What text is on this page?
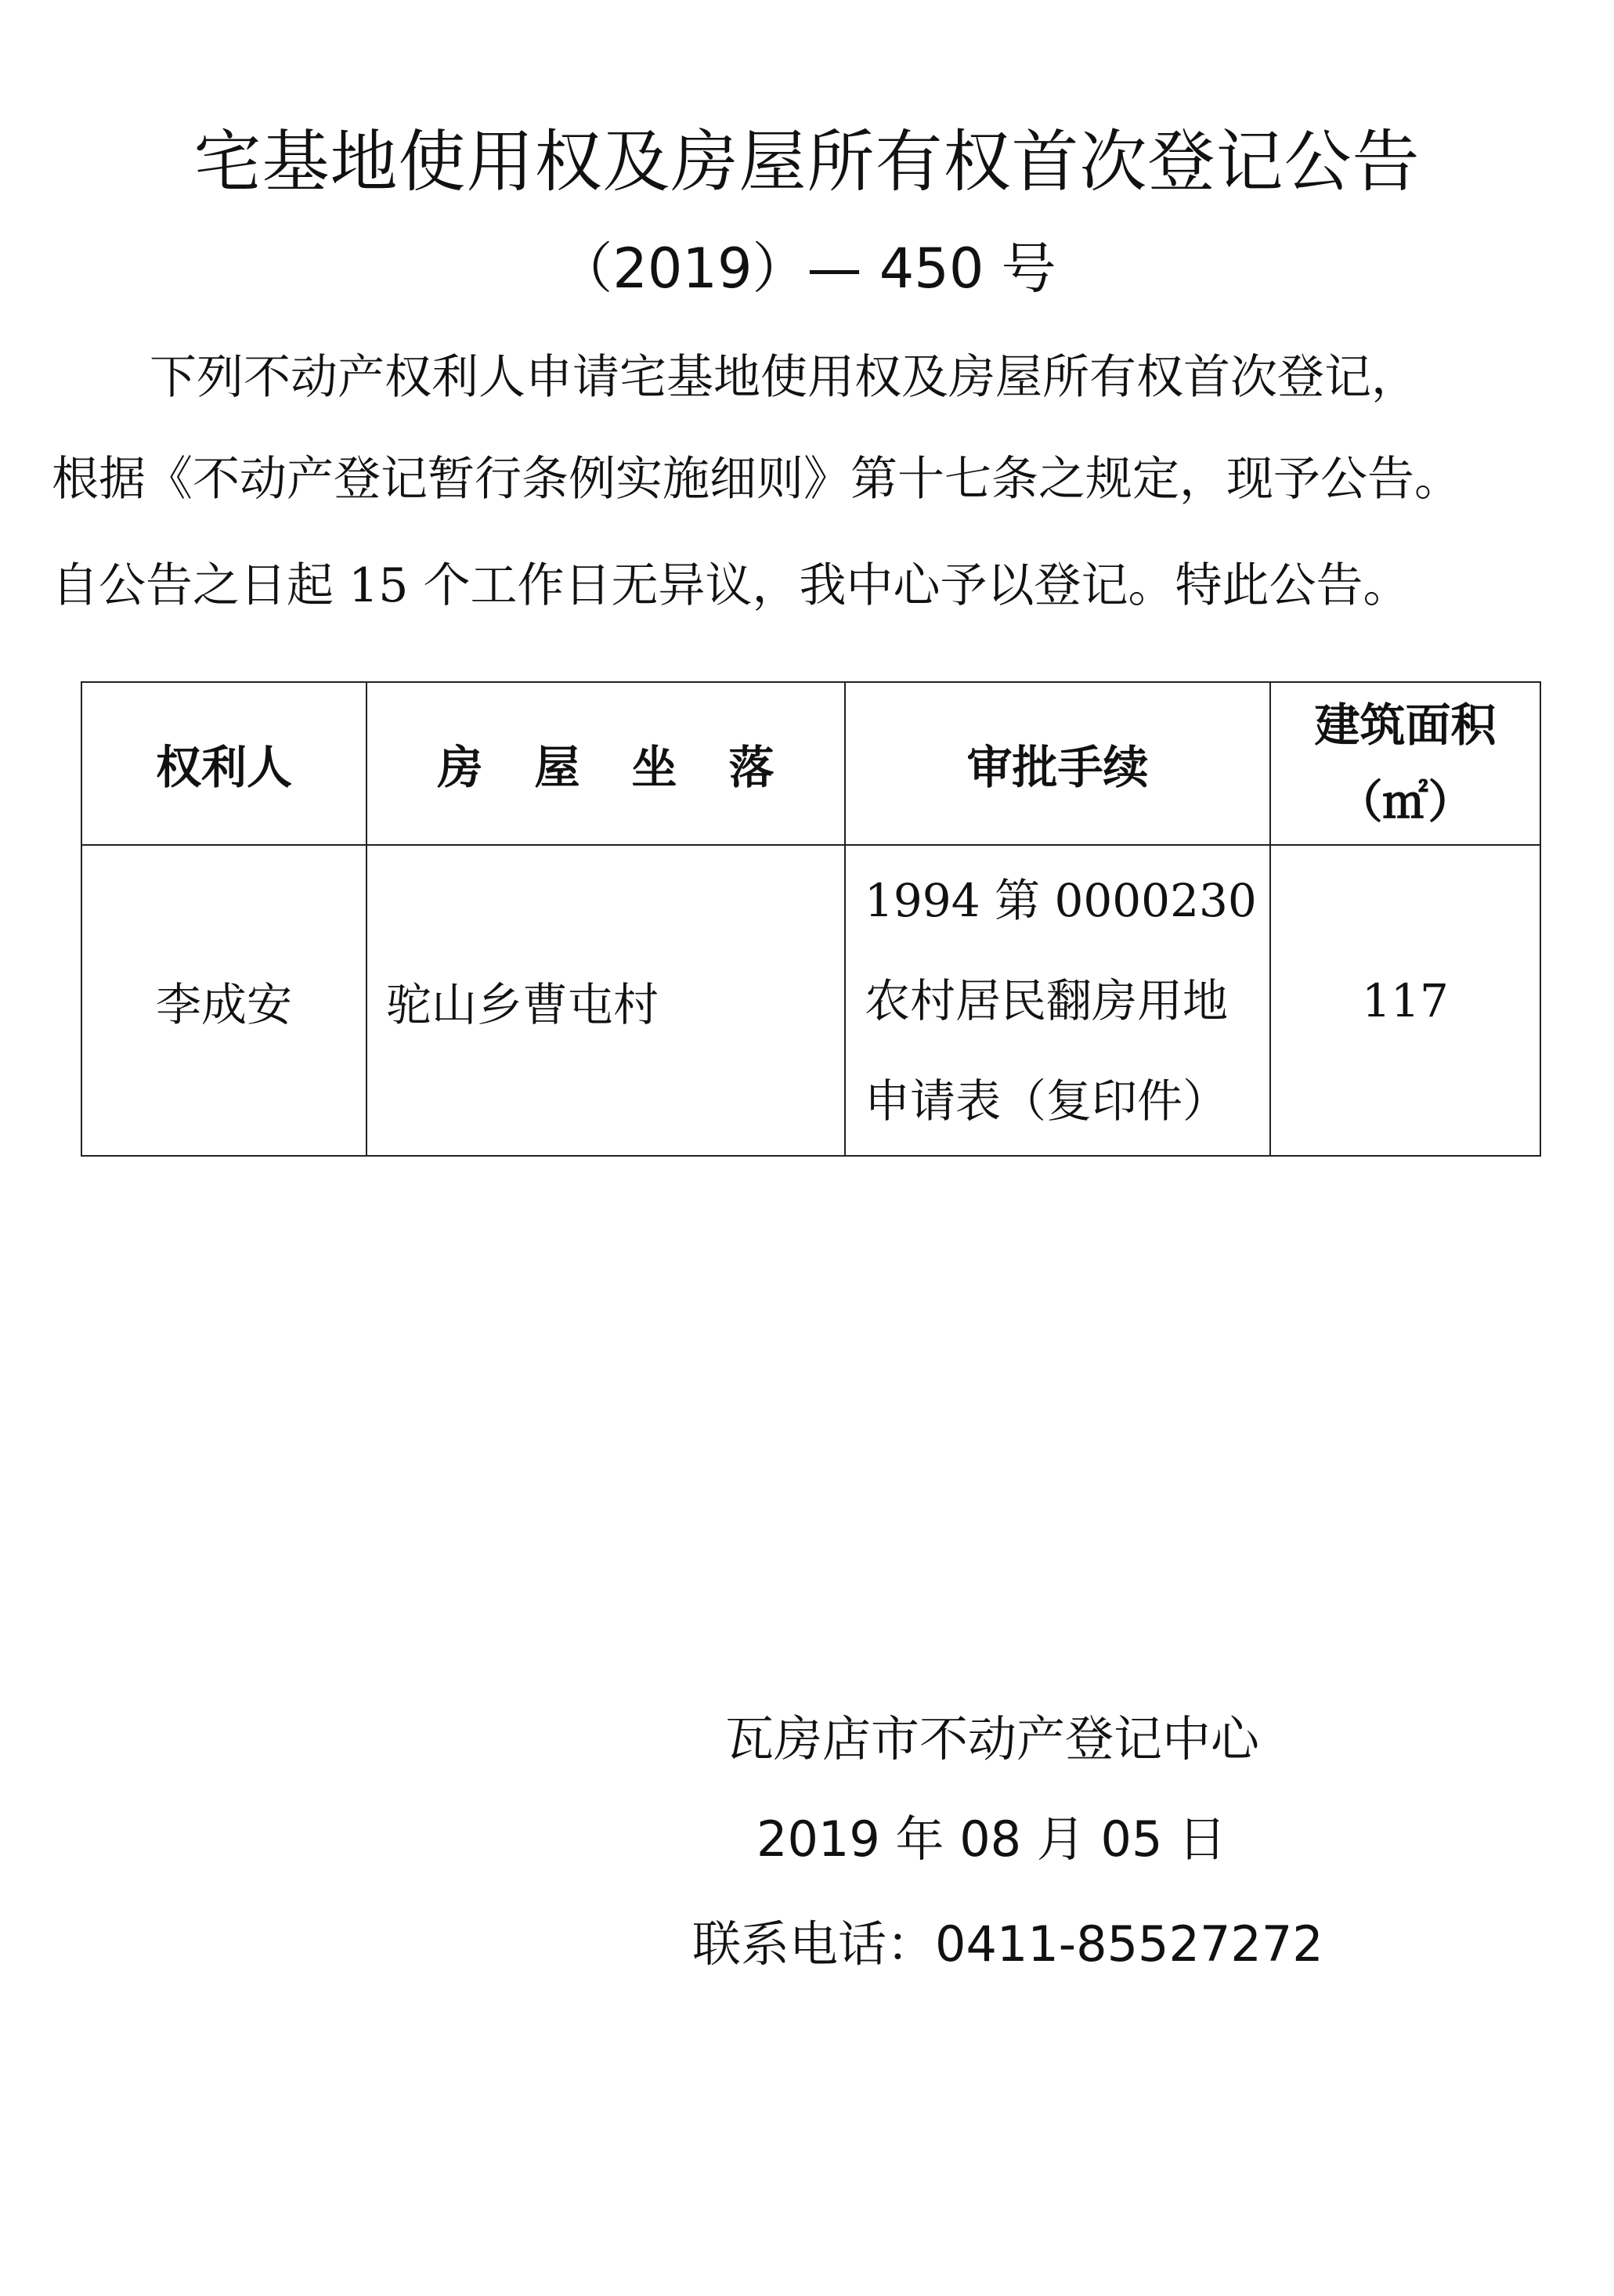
宅基地使用权及房屋所有权首次登记公告
（2019）— 450 号
下列不动产权利人申请宅基地使用权及房屋所有权首次登记，
根据《不动产登记暂行条例实施细则》第十七条之规定，现予公告。
自公告之日起 15 个工作日无异议，我中心予以登记。特此公告。
权利人	房屋坐落	审批手续	建筑面积
（㎡）

李成安	驼山乡曹屯村	1994 第 0000230 农村居民翻房用地申请表（复印件）	117
瓦房店市不动产登记中心
2019 年 08 月 05 日
联系电话：0411-85527272
